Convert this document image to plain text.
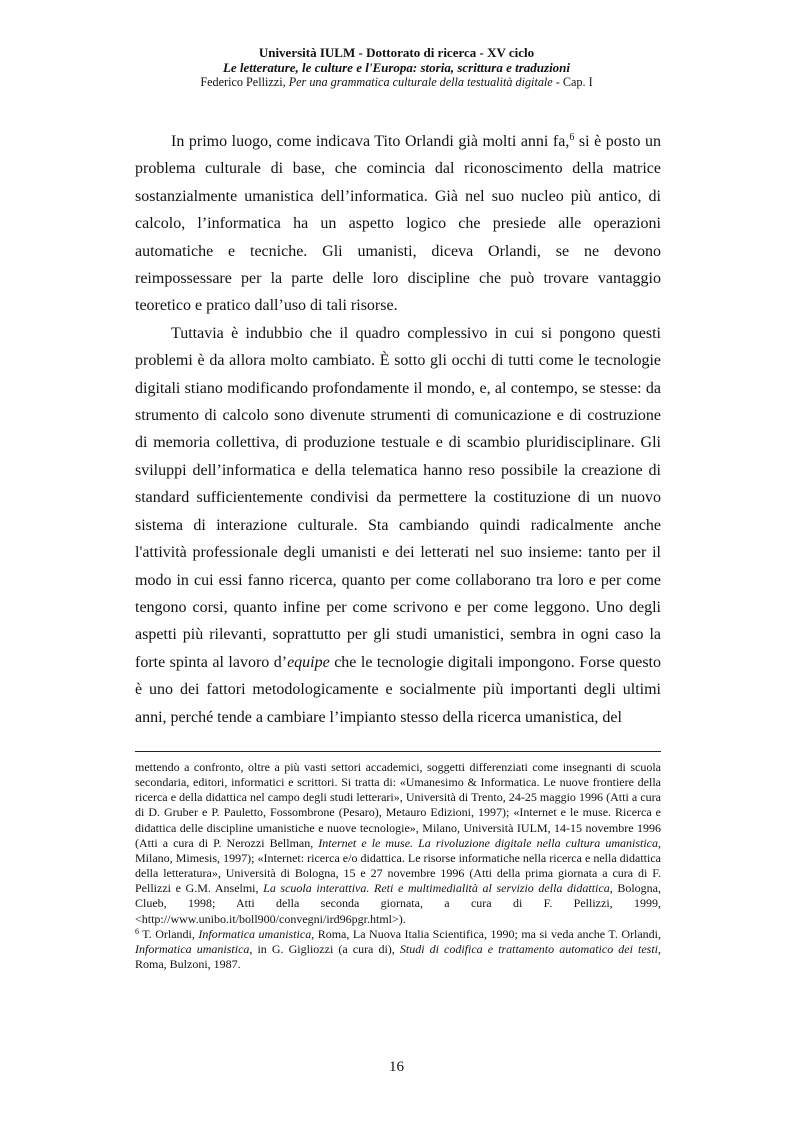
Università IULM - Dottorato di ricerca - XV ciclo
Le letterature, le culture e l'Europa: storia, scrittura e traduzioni
Federico Pellizzi, Per una grammatica culturale della testualità digitale - Cap. I

In primo luogo, come indicava Tito Orlandi già molti anni fa,$^6$ si è posto un problema culturale di base, che comincia dal riconoscimento della matrice sostanzialmente umanistica dell’informatica. Già nel suo nucleo più antico, di calcolo, l’informatica ha un aspetto logico che presiede alle operazioni automatiche e tecniche. Gli umanisti, diceva Orlandi, se ne devono reimpossessare per la parte delle loro discipline che può trovare vantaggio teoretico e pratico dall’uso di tali risorse.

Tuttavia è indubbio che il quadro complessivo in cui si pongono questi problemi è da allora molto cambiato. È sotto gli occhi di tutti come le tecnologie digitali stiano modificando profondamente il mondo, e, al contempo, se stesse: da strumento di calcolo sono divenute strumenti di comunicazione e di costruzione di memoria collettiva, di produzione testuale e di scambio pluridisciplinare. Gli sviluppi dell’informatica e della telematica hanno reso possibile la creazione di standard sufficientemente condivisi da permettere la costituzione di un nuovo sistema di interazione culturale. Sta cambiando quindi radicalmente anche l'attività professionale degli umanisti e dei letterati nel suo insieme: tanto per il modo in cui essi fanno ricerca, quanto per come collaborano tra loro e per come tengono corsi, quanto infine per come scrivono e per come leggono. Uno degli aspetti più rilevanti, soprattutto per gli studi umanistici, sembra in ogni caso la forte spinta al lavoro d’equipe che le tecnologie digitali impongono. Forse questo è uno dei fattori metodologicamente e socialmente più importanti degli ultimi anni, perché tende a cambiare l’impianto stesso della ricerca umanistica, del

mettendo a confronto, oltre a più vasti settori accademici, soggetti differenziati come insegnanti di scuola secondaria, editori, informatici e scrittori. Si tratta di: «Umanesimo & Informatica. Le nuove frontiere della ricerca e della didattica nel campo degli studi letterari», Università di Trento, 24-25 maggio 1996 (Atti a cura di D. Gruber e P. Pauletto, Fossombrone (Pesaro), Metauro Edizioni, 1997); «Internet e le muse. Ricerca e didattica delle discipline umanistiche e nuove tecnologie», Milano, Università IULM, 14-15 novembre 1996 (Atti a cura di P. Nerozzi Bellman, Internet e le muse. La rivoluzione digitale nella cultura umanistica, Milano, Mimesis, 1997); «Internet: ricerca e/o didattica. Le risorse informatiche nella ricerca e nella didattica della letteratura», Università di Bologna, 15 e 27 novembre 1996 (Atti della prima giornata a cura di F. Pellizzi e G.M. Anselmi, La scuola interattiva. Reti e multimedialità al servizio della didattica, Bologna, Clueb, 1998; Atti della seconda giornata, a cura di F. Pellizzi, 1999, <http://www.unibo.it/boll900/convegni/ird96pgr.html>).

$^6$ T. Orlandi, Informatica umanistica, Roma, La Nuova Italia Scientifica, 1990; ma si veda anche T. Orlandi, Informatica umanistica, in G. Gigliozzi (a cura di), Studi di codifica e trattamento automatico dei testi, Roma, Bulzoni, 1987.

16
